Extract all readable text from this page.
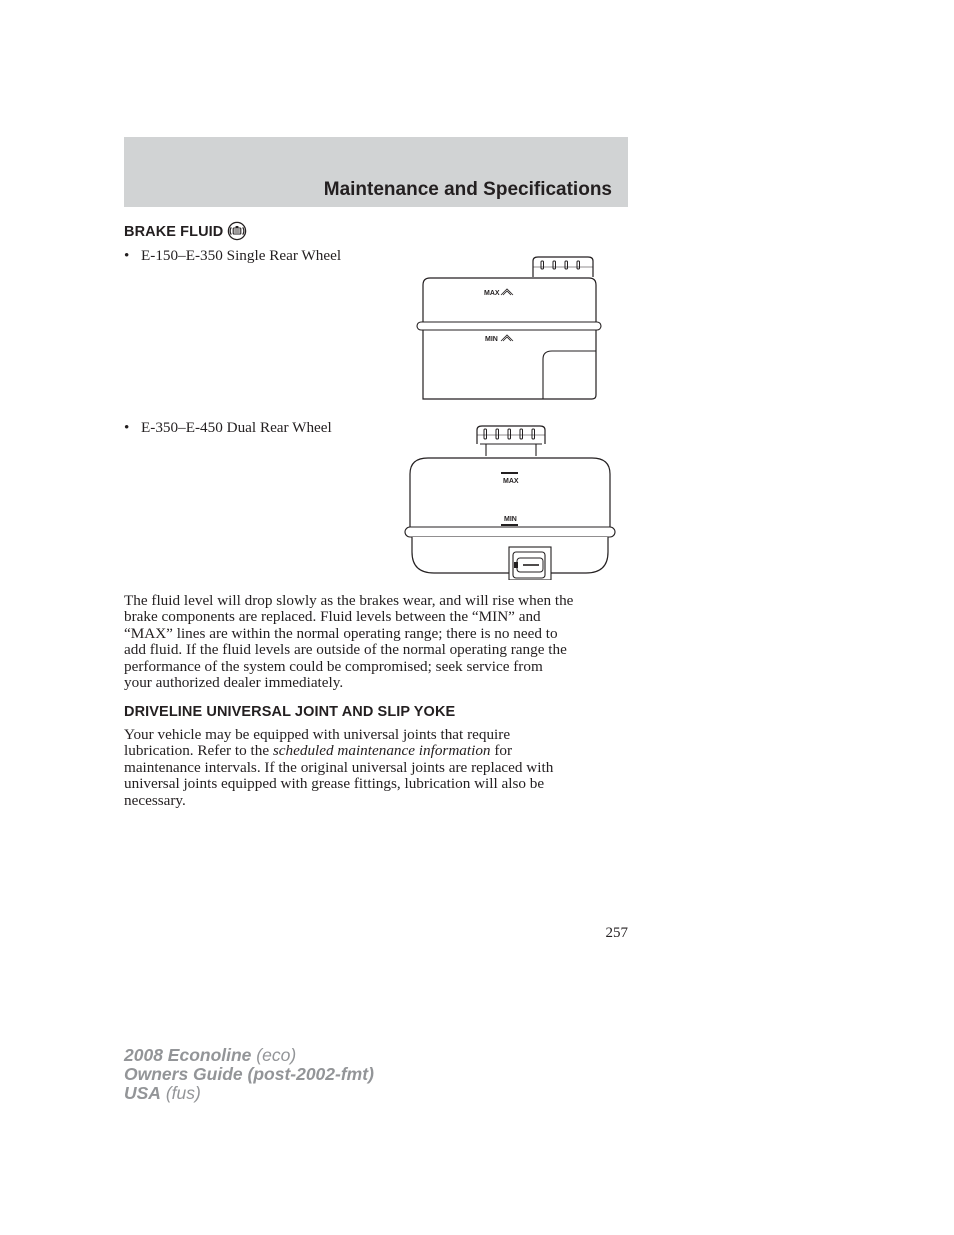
Maintenance and Specifications
BRAKE FLUID
• E-150–E-350 Single Rear Wheel
MAX
MIN
• E-350–E-450 Dual Rear Wheel
MAX
MIN
The fluid level will drop slowly as the brakes wear, and will rise when the
brake components are replaced. Fluid levels between the “MIN” and
“MAX” lines are within the normal operating range; there is no need to
add fluid. If the fluid levels are outside of the normal operating range the
performance of the system could be compromised; seek service from
your authorized dealer immediately.
DRIVELINE UNIVERSAL JOINT AND SLIP YOKE
Your vehicle may be equipped with universal joints that require
lubrication. Refer to the scheduled maintenance information for
maintenance intervals. If the original universal joints are replaced with
universal joints equipped with grease fittings, lubrication will also be
necessary.
257
2008 Econoline (eco)
Owners Guide (post-2002-fmt)
USA (fus)
